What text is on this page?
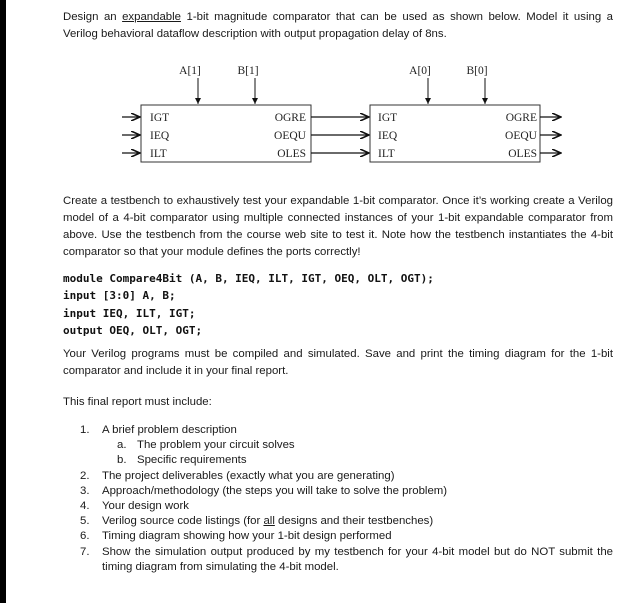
Design an expandable 1-bit magnitude comparator that can be used as shown below. Model it using a Verilog behavioral dataflow description with output propagation delay of 8ns.
A[1]	B[1]
IGT
IEQ
ILT
OGRE
OEQU
OLES
A[0]	B[0]
IGT
IEQ
ILT
OGRE
OEQU
OLES
Create a testbench to exhaustively test your expandable 1-bit comparator. Once it’s working create a Verilog model of a 4-bit comparator using multiple connected instances of your 1-bit expandable comparator from above. Use the testbench from the course web site to test it. Note how the testbench instantiates the 4-bit comparator so that your module defines the ports correctly!
module Compare4Bit (A, B, IEQ, ILT, IGT, OEQ, OLT, OGT);
input [3:0] A, B;
input IEQ, ILT, IGT;
output OEQ, OLT, OGT;
Your Verilog programs must be compiled and simulated. Save and print the timing diagram for the 1-bit comparator and include it in your final report.
This final report must include:
1. A brief problem description
a. The problem your circuit solves
b. Specific requirements
2. The project deliverables (exactly what you are generating)
3. Approach/methodology (the steps you will take to solve the problem)
4. Your design work
5. Verilog source code listings (for all designs and their testbenches)
6. Timing diagram showing how your 1-bit design performed
7. Show the simulation output produced by my testbench for your 4-bit model but do NOT submit the timing diagram from simulating the 4-bit model.
